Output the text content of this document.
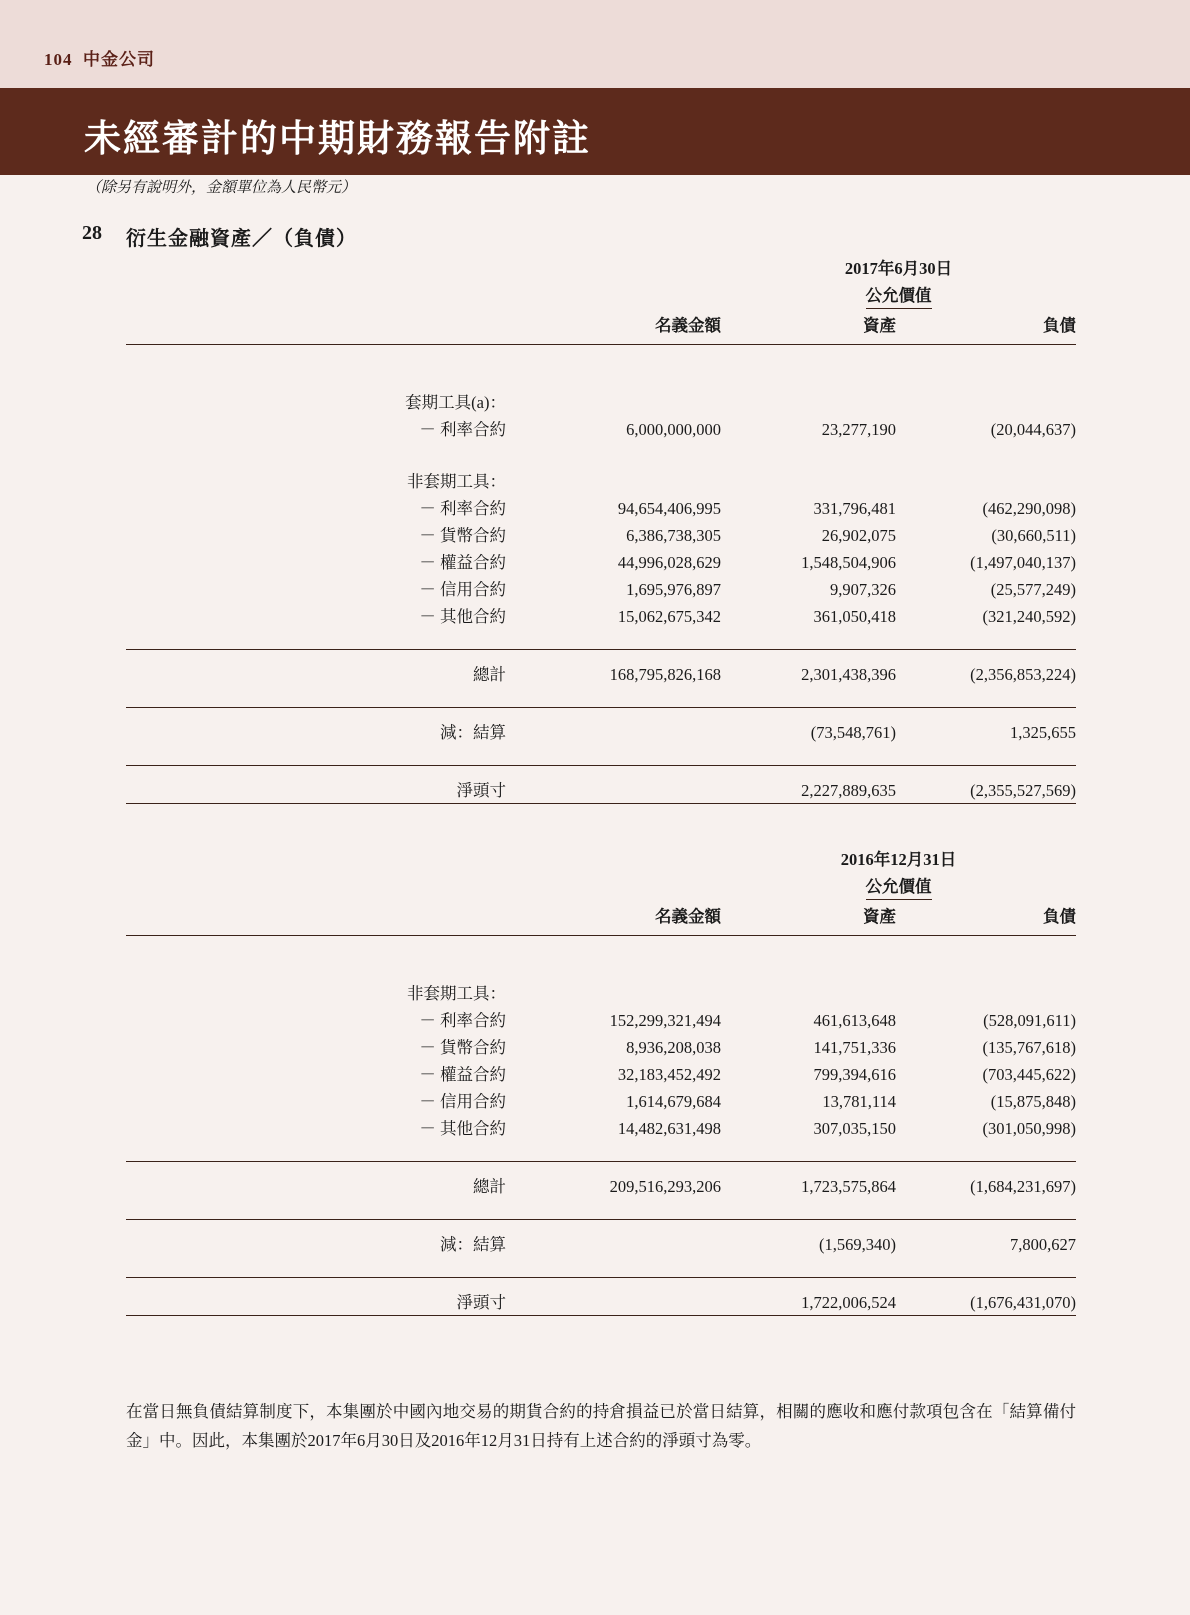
104 中金公司
未經審計的中期財務報告附註
（除另有說明外，金額單位為人民幣元）
28 衍生金融資產／（負債）
		2017年6月30日	
		公允價值	
	名義金額	資產	負債

套期工具(a)：			
－ 利率合約	6,000,000,000	23,277,190	(20,044,637)

非套期工具：			
－ 利率合約	94,654,406,995	331,796,481	(462,290,098)
－ 貨幣合約	6,386,738,305	26,902,075	(30,660,511)
－ 權益合約	44,996,028,629	1,548,504,906	(1,497,040,137)
－ 信用合約	1,695,976,897	9,907,326	(25,577,249)
－ 其他合約	15,062,675,342	361,050,418	(321,240,592)

總計	168,795,826,168	2,301,438,396	(2,356,853,224)

減：結算		(73,548,761)	1,325,655

淨頭寸		2,227,889,635	(2,355,527,569)

		2016年12月31日	
		公允價值	
	名義金額	資產	負債

非套期工具：			
－ 利率合約	152,299,321,494	461,613,648	(528,091,611)
－ 貨幣合約	8,936,208,038	141,751,336	(135,767,618)
－ 權益合約	32,183,452,492	799,394,616	(703,445,622)
－ 信用合約	1,614,679,684	13,781,114	(15,875,848)
－ 其他合約	14,482,631,498	307,035,150	(301,050,998)

總計	209,516,293,206	1,723,575,864	(1,684,231,697)

減：結算		(1,569,340)	7,800,627

淨頭寸		1,722,006,524	(1,676,431,070)

在當日無負債結算制度下，本集團於中國內地交易的期貨合約的持倉損益已於當日結算，相關的應收和應付款項包含在「結算備付金」中。因此，本集團於2017年6月30日及2016年12月31日持有上述合約的淨頭寸為零。
